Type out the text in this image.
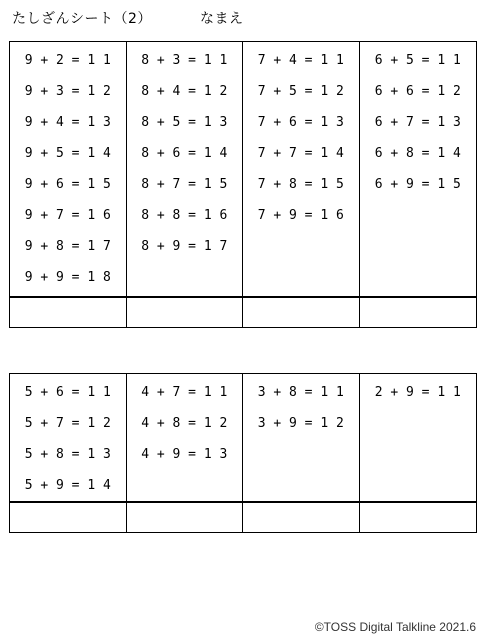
たしざんシート（2）	なまえ
9 + 2 = 1 1
9 + 3 = 1 2
9 + 4 = 1 3
9 + 5 = 1 4
9 + 6 = 1 5
9 + 7 = 1 6
9 + 8 = 1 7
9 + 9 = 1 8
8 + 3 = 1 1
8 + 4 = 1 2
8 + 5 = 1 3
8 + 6 = 1 4
8 + 7 = 1 5
8 + 8 = 1 6
8 + 9 = 1 7
7 + 4 = 1 1
7 + 5 = 1 2
7 + 6 = 1 3
7 + 7 = 1 4
7 + 8 = 1 5
7 + 9 = 1 6
6 + 5 = 1 1
6 + 6 = 1 2
6 + 7 = 1 3
6 + 8 = 1 4
6 + 9 = 1 5
5 + 6 = 1 1
5 + 7 = 1 2
5 + 8 = 1 3
5 + 9 = 1 4
4 + 7 = 1 1
4 + 8 = 1 2
4 + 9 = 1 3
3 + 8 = 1 1
3 + 9 = 1 2
2 + 9 = 1 1
©TOSS Digital Talkline 2021.6
